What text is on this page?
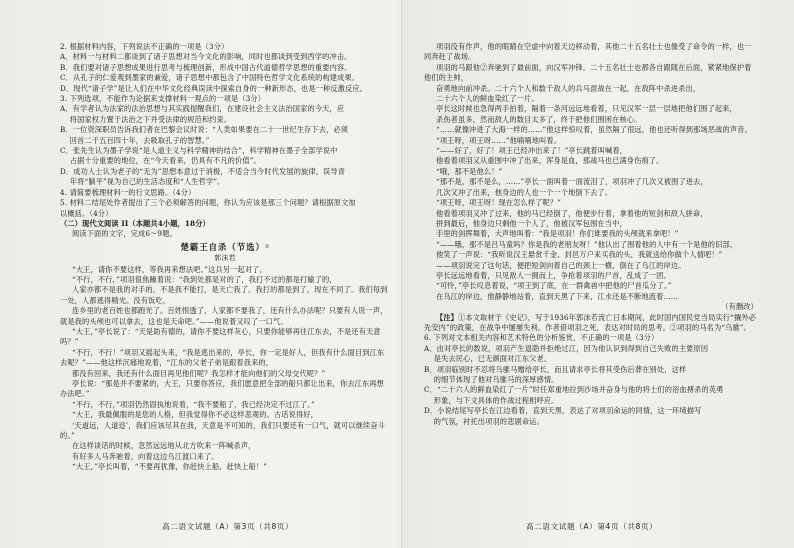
2. 根据材料内容，下列说法不正确的一项是（3分）

A．材料一与材料二都谈到了诸子思想对当今文化的影响，同时也都谈到受到西学的冲击。

B．我们要对诸子思想成果进行思考与梳理创新，形成中国古代道德哲学思想的重要内容。

C．从孔子的仁爱观到墨家的兼爱，诸子思想中都包含了中国特色哲学文化系统的构建成果。

D．现代“诸子学”是让人们在中华文化经典误读中探索自身的一种新形态，也是一种反激反应。

3. 下列选项，不能作为论据来支撑材料一观点的一项是（3分）

A．有学者认为法家的法治思想与其实践提醒我们，在建设社会主义法治国家的今天，应

　 将国家权力置于法治之下并受法律的规范和约束。

B．一位资深职员告诉我们者在巴黎会议时说：“人类如果要在二十一世纪生存下去，必须

　 回首二千五百四十年，去吸取孔子的智慧。”

C．张先生认为墨子学说“是人道主义与科学精神的结合”，科学精神在墨子全部学说中

　 占据十分重要的地位，在“今天看来，仍具有不凡的价值”。

D．成功人士认为老子的“无为”思想本意过于消极，不适合当今时代发展的旋律，误导青

　 年将“躺平”视为自己的生活态度和“人生哲学”。

4. 请简要梳理材料一的行文思路。（4分）

5. 材料二结尾处作者提出了三个必须解答的问题，你认为应该是那三个问题？请根据原文加

以概括。（4分）

（二）现代文阅读 II（本题共4小题，18分）

阅读下面的文字，完成6～9题。

楚霸王自杀（节选）①
郭沫若

“大王，请你不要这样，等我再来想法吧。”这兵另一起对了。

“不行，不行，”项羽很焦躁着说：“我到处都是对的了，我打不过的都是打输了的，

人家亦都不是我的对手的，不是我不能打，是天亡我了。我打的都是到了，现在不同了。我们每到一处，人都逃得精光。没有饭吃，

连乡里的老百姓也都跑光了。百姓恨透了，人家都不要我了，还有什么办法呢？只要有人说一声，就是我的头颅也可以拿去，这也是天命吧。”——他说着又叹了一口气。

“大王，”亭长说了：“天是助有德的，请你不要这样灰心，只要你能够再往江东去，不是还有天意吗？”

“不行，不行！”项羽又摇起头来，“我是逃出来的，亭长，你一定是好人，但我有什么面目到江东去呢？”——他这样沉痛地说着，“江东的父老子弟是跟着我来的，

都没有回来，我还有什么面目再见他们呢？我怎样才能向他们的父母交代呢？”

亭长说：“那是并不要紧的，大王，只要你答应，我们愿意把全部的船只都让出来，你去江东再想办法吧。”

“不行，不行，”项羽仍然固执地说着，“我不要船了，我已经决定不过江了。”

“大王，我最佩服的是您的人格，但我觉得你不必这样悲观的。古话说得好，

‘天道远，人道迩’，我们应该尽其在我，天意是不可知的，我们只要还有一口气，就可以继续奋斗的。”

在这样谈话的时候，忽然远远地从北方吹来一阵喊杀声，

有好多人马奔驰着，向着这边乌江渡口来了。

“大王，”亭长叫着，“不要再犹豫，你赶快上船，赶快上船！”

项羽没有作声，他的眼睛在空虚中向着天边移动着，其他二十五名壮士也像受了命令的一样，也一同奔赴了战场。

项羽的马跟他②奔驰到了最前面，向汉军冲锋。二十五名壮士也都各自跟随在后面，紧紧地保护着他们的主帅，

奋勇地向前冲杀。二十六个人和数千敌人的兵马混战在一起，在敌阵中杀进杀出，

二十六个人的鲜血染红了一片。

亭长这时候也急得两手拍着，隔着一条河远远地看着，只见汉军一层一层地把他们围了起来，

杀伤者虽多，然而敌人的数目太多了，终于把他们围困在核心。

“……就像冲进了大海一样的……”他这样惊叹着，虽然隔了很远，他也还听得到那场恶战的声音。

“项王呀，项王呀……”他喃喃地叫着。

“——好了，好了！项王已经冲出来了！”亭长跳着叫喊着，

他看着项羽又从重围中冲了出来，浑身是血，那战马也已满身伤痕了。

“哦，那不是他么！”

“那不是，那不是么，……”亭长一面叫着一面流泪了，项羽冲了几次又被围了进去，

几次又冲了出来，他身边的人也一个一个地倒下去了。

“项王呀，项王呀！现在怎么样了呢？”

他看着项羽又冲了过来，他的马已经倒了，他便步行着，拿着他的短剑和敌人拼命，

拼到最后，他身边只剩他一个人了，他被汉军包围在当中，

手里的剑挥舞着，大声地叫着：“我是项羽！你们谁要我的头颅就来拿吧！”

“——哦，那不是吕马童吗？你是我的老朋友呀！”他认出了围着他的人中有一个是他的旧部，

他笑了一声说：“我听说汉王悬赏千金、封邑万户来买我的头，我就送给你做个人情吧！”

——项羽说完了这句话，便把短剑向着自己的颈上一横，倒在了乌江的岸边。

亭长远远地看着，只见敌人一拥而上，争抢着项羽的尸首，乱成了一团。

“可怜，”亭长叹息着说，“项王到了底，在一群禽兽中把他的尸首瓜分了。”

在乌江的岸边，他静静地站着，直到天黑了下来，江水还是不断地流着……

（有删改）

【注】①本文取材于《史记》，写于1936年郭沫若流亡日本期间，此时国内国民党当局实行“攘外必先安内”的政策，在战争中屡屡失利。作者借项羽之死，表达对时局的思考。②项羽的马名为“乌骓”。

6. 下列对文本相关内容和艺术特色的分析鉴赏，不正确的一项是（3分）

A．由对亭长的数说，项羽产生退隐并拒绝过江，因为他认识到得到自己失败的主要原因

　 是失去民心，已无颜面对江东父老。

B．项羽临别时不忍将乌骓马赠给亭长，而且请求亭长将其受伤后葬在别处，这样

　 的细节体现了他对乌骓马的深厚感情。

C．“二十六人的鲜血染红了一片”时任郑重地拉到沙场并奋身与他的将士们的浴血搏杀的英勇

　 形象，与下文具体的作战过程相呼应。

D．小说结尾写亭长在江边看着，直到天黑，表达了对项羽命运的同情，这一环境描写

　 的气氛，衬托出项羽的悲剧命运。

高二语文试题（A）第3页（共8页）	高二语文试题（A）第4页（共8页）
